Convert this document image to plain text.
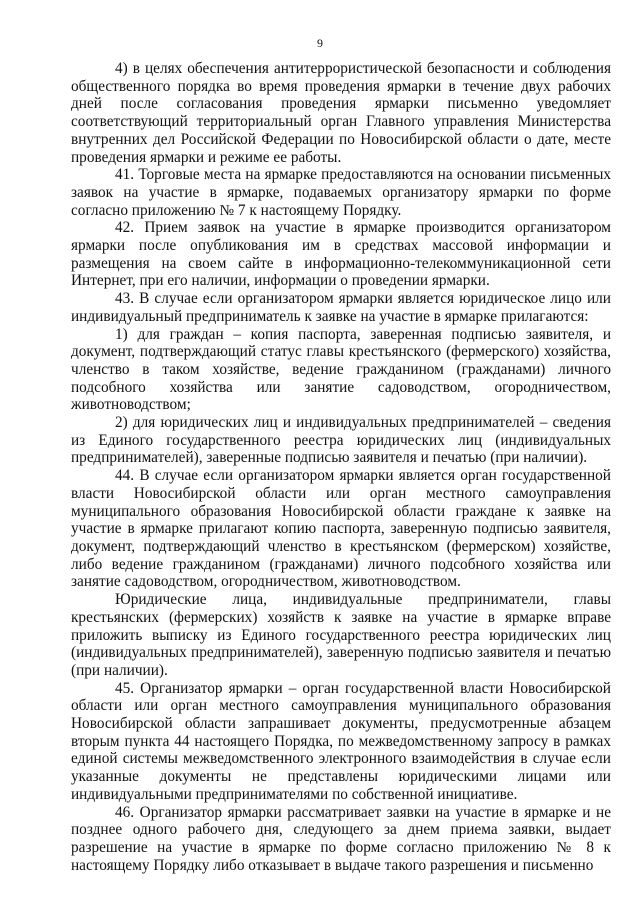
9

4) в целях обеспечения антитеррористической безопасности и соблюдения общественного порядка во время проведения ярмарки в течение двух рабочих дней после согласования проведения ярмарки письменно уведомляет соответствующий территориальный орган Главного управления Министерства внутренних дел Российской Федерации по Новосибирской области о дате, месте проведения ярмарки и режиме ее работы.

41. Торговые места на ярмарке предоставляются на основании письменных заявок на участие в ярмарке, подаваемых организатору ярмарки по форме согласно приложению № 7 к настоящему Порядку.

42. Прием заявок на участие в ярмарке производится организатором ярмарки после опубликования им в средствах массовой информации и размещения на своем сайте в информационно-телекоммуникационной сети Интернет, при его наличии, информации о проведении ярмарки.

43. В случае если организатором ярмарки является юридическое лицо или индивидуальный предприниматель к заявке на участие в ярмарке прилагаются:

1) для граждан – копия паспорта, заверенная подписью заявителя, и документ, подтверждающий статус главы крестьянского (фермерского) хозяйства, членство в таком хозяйстве, ведение гражданином (гражданами) личного подсобного хозяйства или занятие садоводством, огородничеством, животноводством;

2) для юридических лиц и индивидуальных предпринимателей – сведения из Единого государственного реестра юридических лиц (индивидуальных предпринимателей), заверенные подписью заявителя и печатью (при наличии).

44. В случае если организатором ярмарки является орган государственной власти Новосибирской области или орган местного самоуправления муниципального образования Новосибирской области граждане к заявке на участие в ярмарке прилагают копию паспорта, заверенную подписью заявителя, документ, подтверждающий членство в крестьянском (фермерском) хозяйстве, либо ведение гражданином (гражданами) личного подсобного хозяйства или занятие садоводством, огородничеством, животноводством.

Юридические лица, индивидуальные предприниматели, главы крестьянских (фермерских) хозяйств к заявке на участие в ярмарке вправе приложить выписку из Единого государственного реестра юридических лиц (индивидуальных предпринимателей), заверенную подписью заявителя и печатью (при наличии).

45. Организатор ярмарки – орган государственной власти Новосибирской области или орган местного самоуправления муниципального образования Новосибирской области запрашивает документы, предусмотренные абзацем вторым пункта 44 настоящего Порядка, по межведомственному запросу в рамках единой системы межведомственного электронного взаимодействия в случае если указанные документы не представлены юридическими лицами или индивидуальными предпринимателями по собственной инициативе.

46. Организатор ярмарки рассматривает заявки на участие в ярмарке и не позднее одного рабочего дня, следующего за днем приема заявки, выдает разрешение на участие в ярмарке по форме согласно приложению № 8 к настоящему Порядку либо отказывает в выдаче такого разрешения и письменно
